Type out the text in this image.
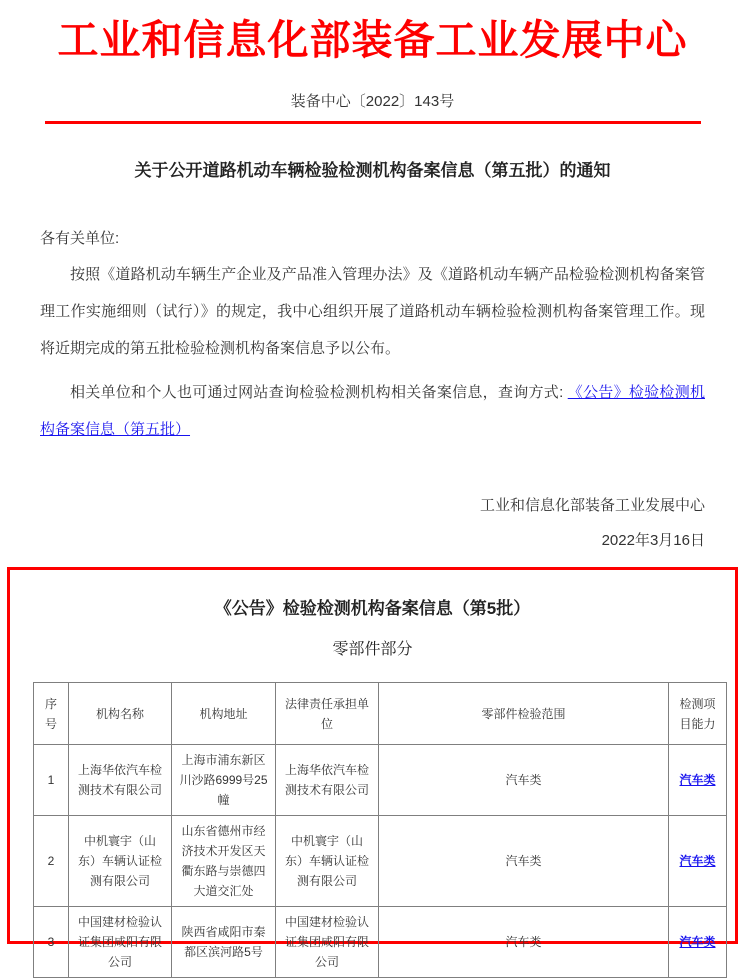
工业和信息化部装备工业发展中心
装备中心〔2022〕143号
关于公开道路机动车辆检验检测机构备案信息（第五批）的通知
各有关单位:
按照《道路机动车辆生产企业及产品准入管理办法》及《道路机动车辆产品检验检测机构备案管理工作实施细则（试行）》的规定，我中心组织开展了道路机动车辆检验检测机构备案管理工作。现将近期完成的第五批检验检测机构备案信息予以公布。
相关单位和个人也可通过网站查询检验检测机构相关备案信息，查询方式: 《公告》检验检测机构备案信息（第五批）
工业和信息化部装备工业发展中心
2022年3月16日
《公告》检验检测机构备案信息（第5批）
零部件部分
序号	机构名称	机构地址	法律责任承担单位	零部件检验范围	检测项目能力
1	上海华依汽车检测技术有限公司	上海市浦东新区川沙路6999号25幢	上海华依汽车检测技术有限公司	汽车类	汽车类
2	中机寰宇（山东）车辆认证检测有限公司	山东省德州市经济技术开发区天衢东路与崇德四大道交汇处	中机寰宇（山东）车辆认证检测有限公司	汽车类	汽车类
3	中国建材检验认证集团咸阳有限公司	陕西省咸阳市秦都区滨河路5号	中国建材检验认证集团咸阳有限公司	汽车类	汽车类
